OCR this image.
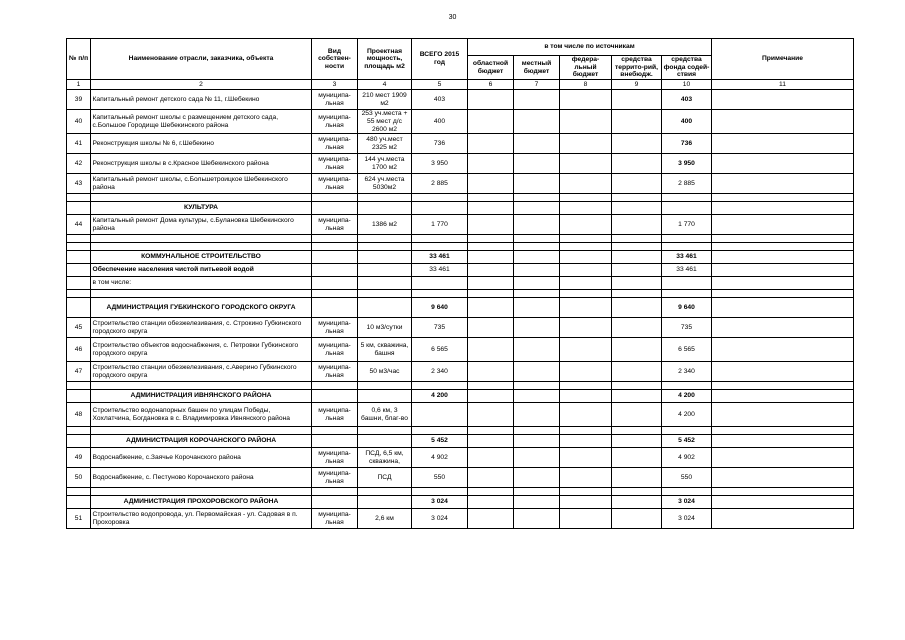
30
№ п/п	Наименование отрасли, заказчика, объекта	Вид собствен-ности	Проектная мощность, площадь м2	ВСЕГО 2015 год	в том числе по источникам					Примечание
					областной бюджет	местный бюджет	федера-льный бюджет	средства террито-рий, внебюдж.	средства фонда содей-ствия	
1	2	3	4	5	6	7	8	9	10	11
39	Капитальный ремонт детского сада № 11, г.Шебекино	муниципа-льная	210 мест 1909 м2	403					403	
40	Капитальный ремонт школы с размещением детского сада, с.Большое Городище Шебекинского района	муниципа-льная	253 уч.места + 55 мест д/с 2600 м2	400					400	
41	Реконструкция школы № 6, г.Шебекино	муниципа-льная	480 уч.мест 2325 м2	736					736	
42	Реконструкция школы в с.Красное Шебекинского района	муниципа-льная	144 уч.места 1700 м2	3 950					3 950	
43	Капитальный ремонт школы, с.Большетроицкое Шебекинского района	муниципа-льная	624 уч.места 5030м2	2 885					2 885	

	КУЛЬТУРА									
44	Капитальный ремонт Дома культуры, с.Булановка Шебекинского района	муниципа-льная	1386 м2	1 770					1 770	

	КОММУНАЛЬНОЕ СТРОИТЕЛЬСТВО			33 461					33 461	
	Обеспечение населения чистой питьевой водой			33 461					33 461	
	в том числе:									

	АДМИНИСТРАЦИЯ ГУБКИНСКОГО ГОРОДСКОГО ОКРУГА			9 640					9 640	
45	Строительство станции обезжелезивания, с. Строкино Губкинского городского округа	муниципа-льная	10 м3/сутки	735					735	
46	Строительство объектов водоснабжения, с. Петровки Губкинского городского округа	муниципа-льная	5 км, скважина, башня	6 565					6 565	
47	Строительство станции обезжелезивания, с.Аверино Губкинского городского округа	муниципа-льная	50 м3/час	2 340					2 340	

	АДМИНИСТРАЦИЯ ИВНЯНСКОГО РАЙОНА			4 200					4 200	
48	Строительство водонапорных башен по улицам Победы, Хохлатчина, Богдановка в с. Владимировка Ивнянского района	муниципа-льная	0,6 км, 3 башни, благ-во						4 200	

	АДМИНИСТРАЦИЯ КОРОЧАНСКОГО РАЙОНА			5 452					5 452	
49	Водоснабжение, с.Заячье Корочанского района	муниципа-льная	ПСД, 6,5 км, скважина,	4 902					4 902	
50	Водоснабжение, с. Пестуново Корочанского района	муниципа-льная	ПСД	550					550	

	АДМИНИСТРАЦИЯ ПРОХОРОВСКОГО РАЙОНА			3 024					3 024	
51	Строительство водопровода, ул. Первомайская - ул. Садовая в п. Прохоровка	муниципа-льная	2,6 км	3 024					3 024	
